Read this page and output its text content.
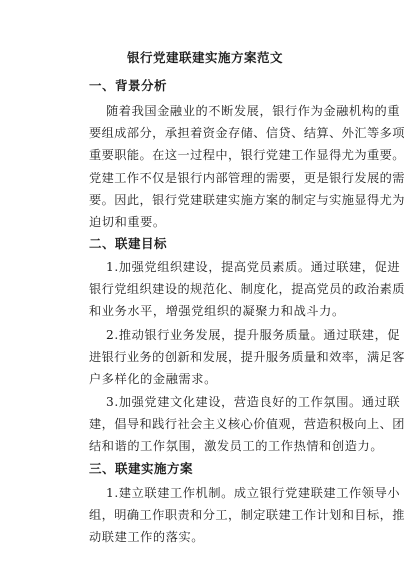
银行党建联建实施方案范文
一、背景分析
随着我国金融业的不断发展，银行作为金融机构的重
要组成部分，承担着资金存储、信贷、结算、外汇等多项
重要职能。在这一过程中，银行党建工作显得尤为重要。
党建工作不仅是银行内部管理的需要，更是银行发展的需
要。因此，银行党建联建实施方案的制定与实施显得尤为
迫切和重要。
二、联建目标
1.加强党组织建设，提高党员素质。通过联建，促进
银行党组织建设的规范化、制度化，提高党员的政治素质
和业务水平，增强党组织的凝聚力和战斗力。
2.推动银行业务发展，提升服务质量。通过联建，促
进银行业务的创新和发展，提升服务质量和效率，满足客
户多样化的金融需求。
3.加强党建文化建设，营造良好的工作氛围。通过联
建，倡导和践行社会主义核心价值观，营造积极向上、团
结和谐的工作氛围，激发员工的工作热情和创造力。
三、联建实施方案
1.建立联建工作机制。成立银行党建联建工作领导小
组，明确工作职责和分工，制定联建工作计划和目标，推
动联建工作的落实。
